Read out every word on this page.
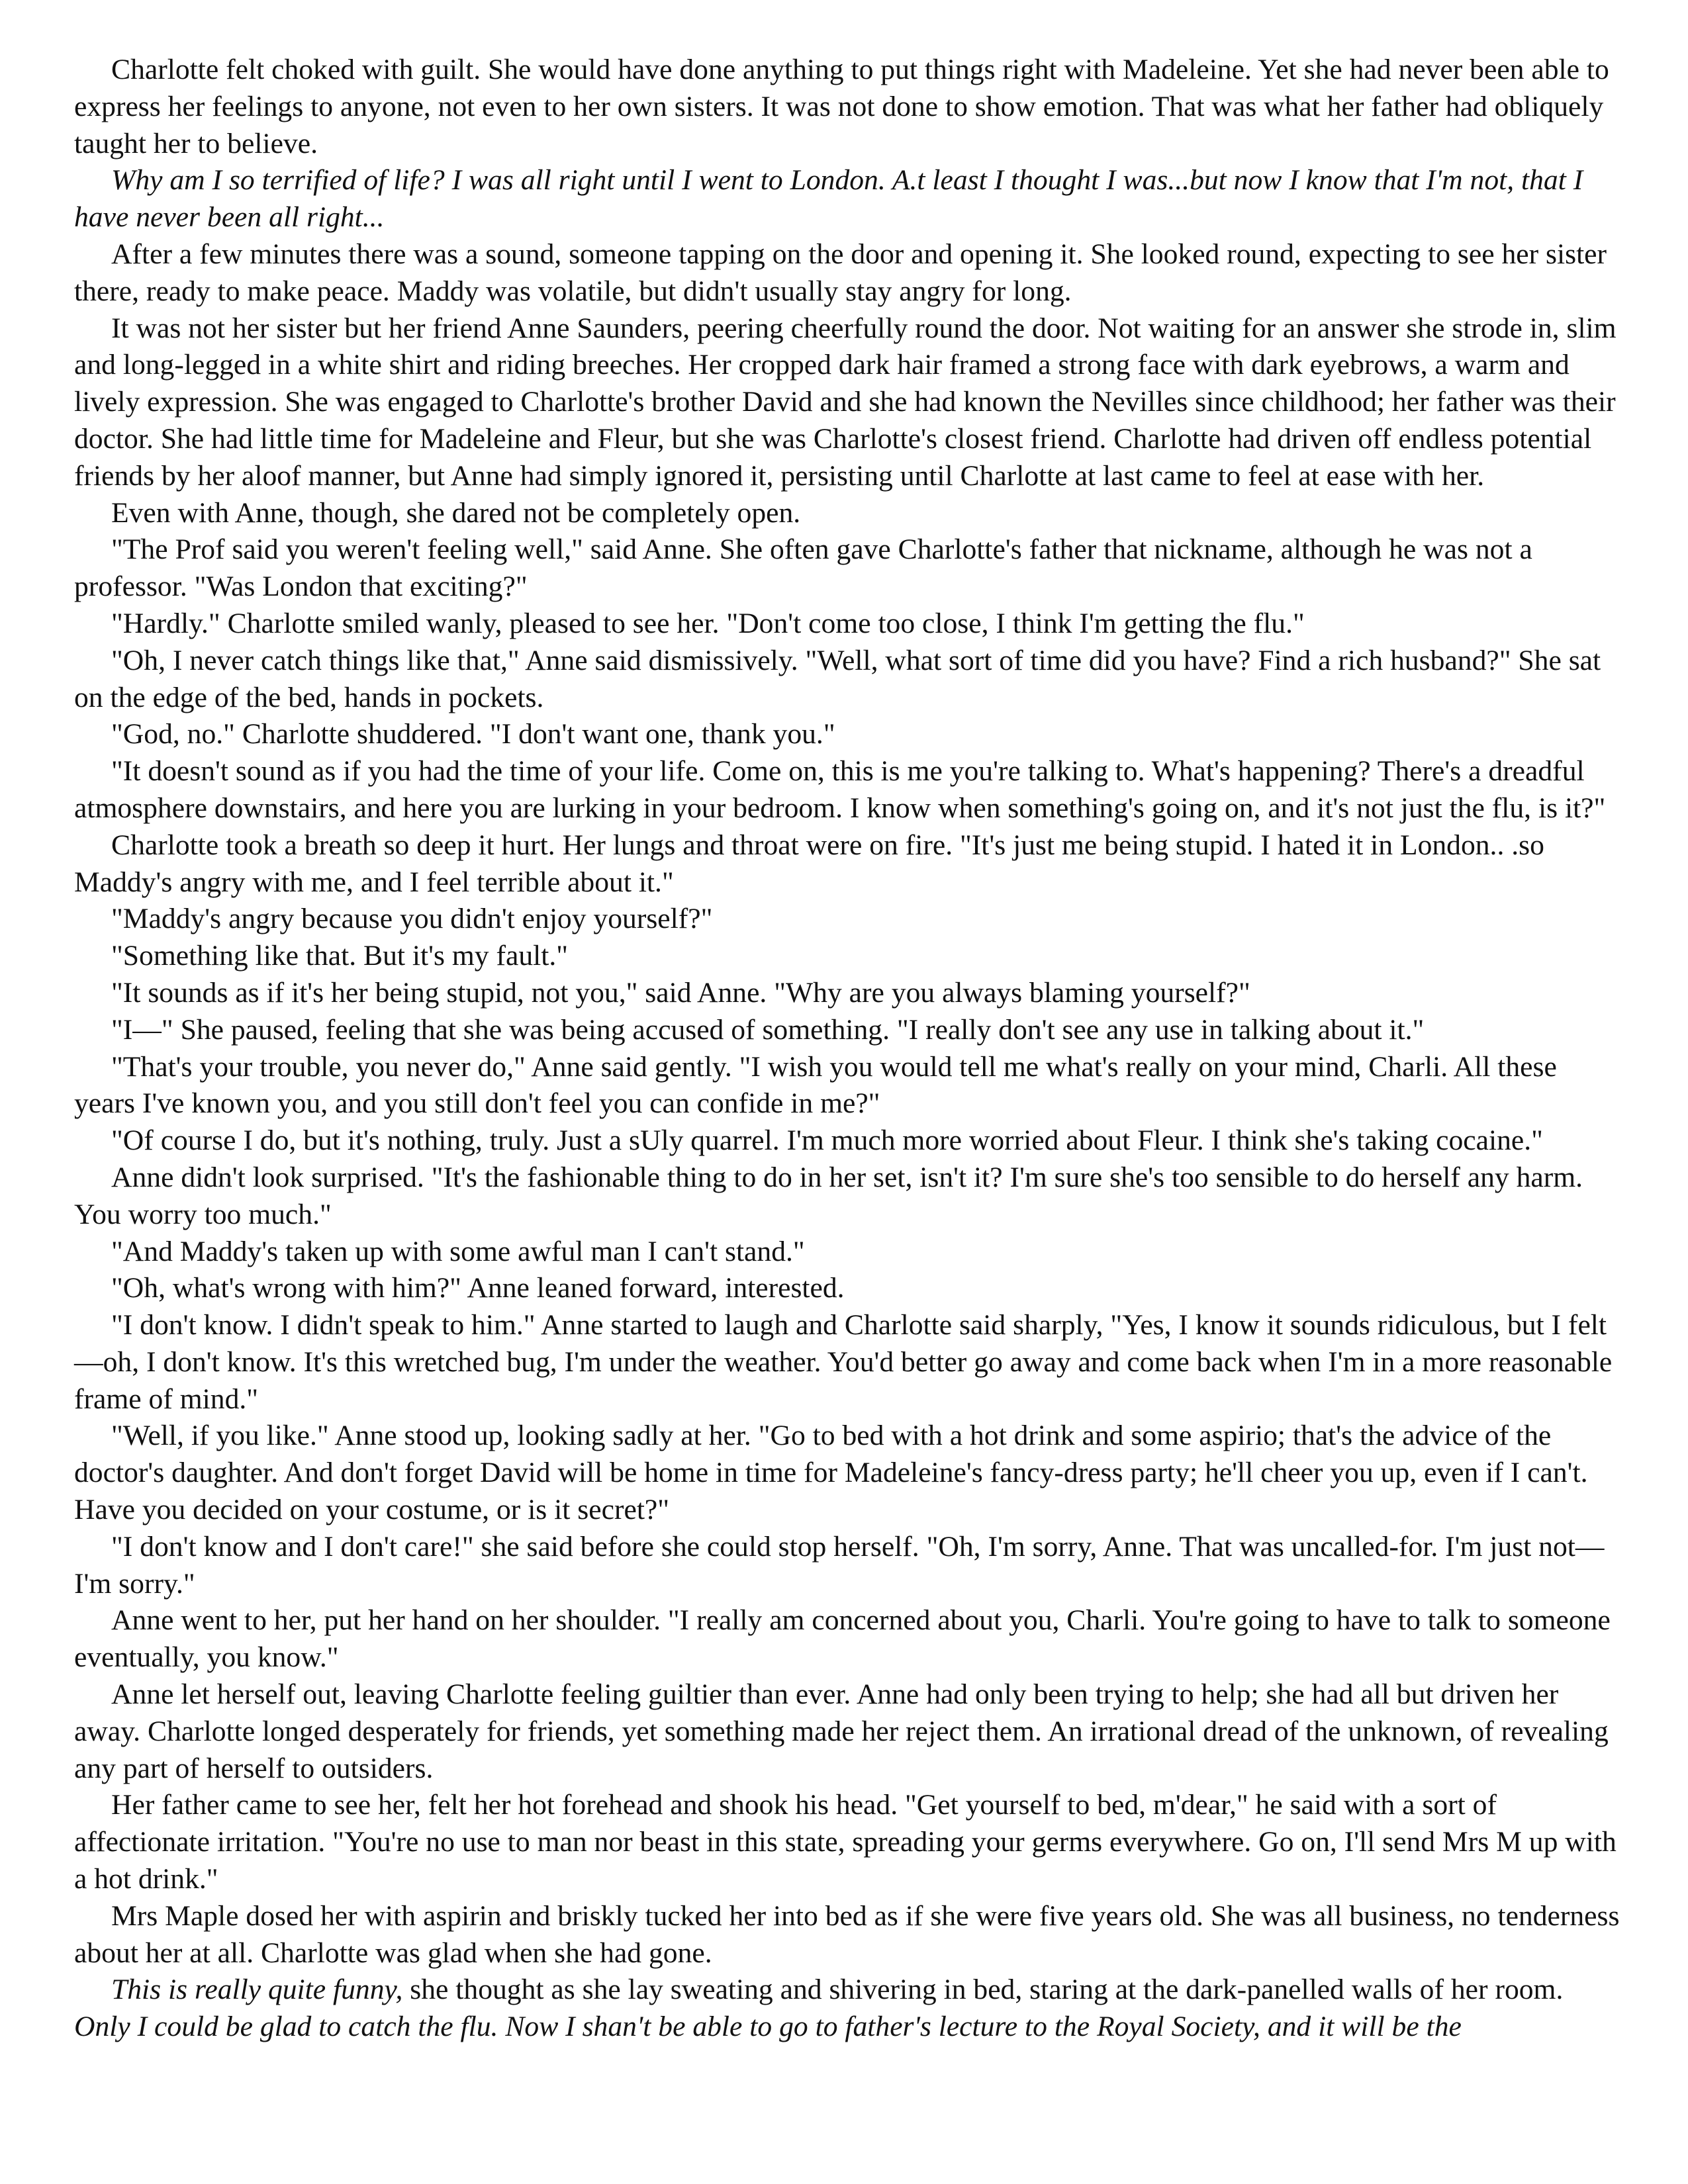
Charlotte felt choked with guilt. She would have done anything to put things right with Madeleine. Yet she had never been able to express her feelings to anyone, not even to her own sisters. It was not done to show emotion. That was what her father had obliquely taught her to believe.

Why am I so terrified of life? I was all right until I went to London. A.t least I thought I was...but now I know that I'm not, that I have never been all right...

After a few minutes there was a sound, someone tapping on the door and opening it. She looked round, expecting to see her sister there, ready to make peace. Maddy was volatile, but didn't usually stay angry for long.

It was not her sister but her friend Anne Saunders, peering cheerfully round the door. Not waiting for an answer she strode in, slim and long-legged in a white shirt and riding breeches. Her cropped dark hair framed a strong face with dark eyebrows, a warm and lively expression. She was engaged to Charlotte's brother David and she had known the Nevilles since childhood; her father was their doctor. She had little time for Madeleine and Fleur, but she was Charlotte's closest friend. Charlotte had driven off endless potential friends by her aloof manner, but Anne had simply ignored it, persisting until Charlotte at last came to feel at ease with her.

Even with Anne, though, she dared not be completely open.

"The Prof said you weren't feeling well," said Anne. She often gave Charlotte's father that nickname, although he was not a professor. "Was London that exciting?"

"Hardly." Charlotte smiled wanly, pleased to see her. "Don't come too close, I think I'm getting the flu."

"Oh, I never catch things like that," Anne said dismissively. "Well, what sort of time did you have? Find a rich husband?" She sat on the edge of the bed, hands in pockets.

"God, no." Charlotte shuddered. "I don't want one, thank you."

"It doesn't sound as if you had the time of your life. Come on, this is me you're talking to. What's happening? There's a dreadful atmosphere downstairs, and here you are lurking in your bedroom. I know when something's going on, and it's not just the flu, is it?"

Charlotte took a breath so deep it hurt. Her lungs and throat were on fire. "It's just me being stupid. I hated it in London.. .so Maddy's angry with me, and I feel terrible about it."

"Maddy's angry because you didn't enjoy yourself?"

"Something like that. But it's my fault."

"It sounds as if it's her being stupid, not you," said Anne. "Why are you always blaming yourself?"

"I—" She paused, feeling that she was being accused of something. "I really don't see any use in talking about it."

"That's your trouble, you never do," Anne said gently. "I wish you would tell me what's really on your mind, Charli. All these years I've known you, and you still don't feel you can confide in me?"

"Of course I do, but it's nothing, truly. Just a sUly quarrel. I'm much more worried about Fleur. I think she's taking cocaine."

Anne didn't look surprised. "It's the fashionable thing to do in her set, isn't it? I'm sure she's too sensible to do herself any harm. You worry too much."

"And Maddy's taken up with some awful man I can't stand."

"Oh, what's wrong with him?" Anne leaned forward, interested.

"I don't know. I didn't speak to him." Anne started to laugh and Charlotte said sharply, "Yes, I know it sounds ridiculous, but I felt—oh, I don't know. It's this wretched bug, I'm under the weather. You'd better go away and come back when I'm in a more reasonable frame of mind."

"Well, if you like." Anne stood up, looking sadly at her. "Go to bed with a hot drink and some aspirio; that's the advice of the doctor's daughter. And don't forget David will be home in time for Madeleine's fancy-dress party; he'll cheer you up, even if I can't. Have you decided on your costume, or is it secret?"

"I don't know and I don't care!" she said before she could stop herself. "Oh, I'm sorry, Anne. That was uncalled-for. I'm just not—I'm sorry."

Anne went to her, put her hand on her shoulder. "I really am concerned about you, Charli. You're going to have to talk to someone eventually, you know."

Anne let herself out, leaving Charlotte feeling guiltier than ever. Anne had only been trying to help; she had all but driven her away. Charlotte longed desperately for friends, yet something made her reject them. An irrational dread of the unknown, of revealing any part of herself to outsiders.

Her father came to see her, felt her hot forehead and shook his head. "Get yourself to bed, m'dear," he said with a sort of affectionate irritation. "You're no use to man nor beast in this state, spreading your germs everywhere. Go on, I'll send Mrs M up with a hot drink."

Mrs Maple dosed her with aspirin and briskly tucked her into bed as if she were five years old. She was all business, no tenderness about her at all. Charlotte was glad when she had gone.

This is really quite funny, she thought as she lay sweating and shivering in bed, staring at the dark-panelled walls of her room. Only I could be glad to catch the flu. Now I shan't be able to go to father's lecture to the Royal Society, and it will be the
